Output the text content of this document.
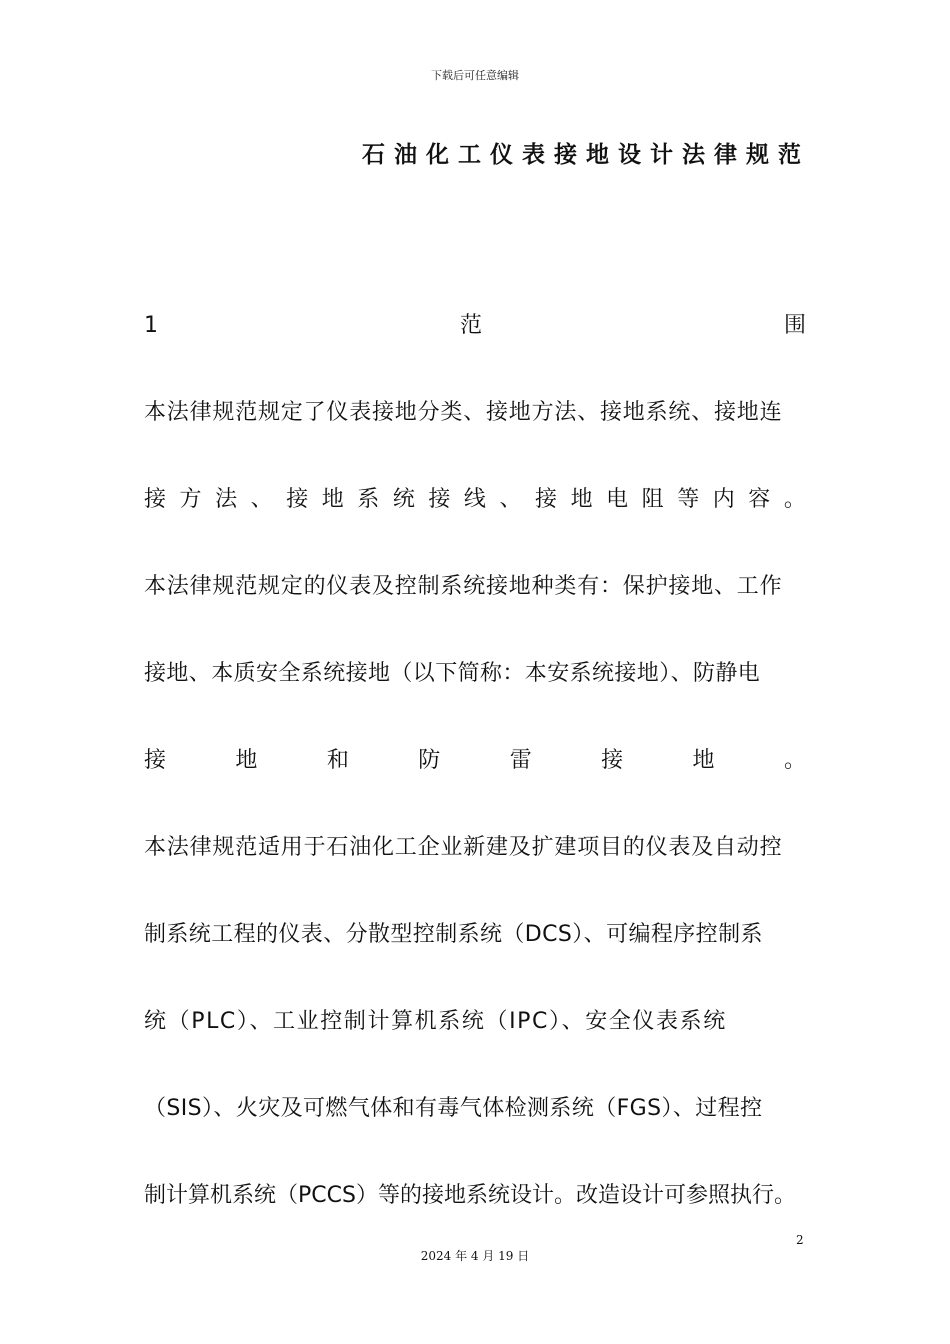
下载后可任意编辑
石油化工仪表接地设计法律规范
1	范	围
本法律规范规定了仪表接地分类、接地方法、接地系统、接地连
接 方 法 、 接 地 系 统 接 线 、 接 地 电 阻 等 内 容 。
本法律规范规定的仪表及控制系统接地种类有：保护接地、工作
接地、本质安全系统接地（以下简称：本安系统接地）、防静电
接	地	和	防	雷	接	地	。
本法律规范适用于石油化工企业新建及扩建项目的仪表及自动控
制系统工程的仪表、分散型控制系统（DCS）、可编程序控制系
统（PLC）、工业控制计算机系统（IPC）、安全仪表系统
（SIS）、火灾及可燃气体和有毒气体检测系统（FGS）、过程控
制计算机系统（PCCS）等的接地系统设计。改造设计可参照执行。
2
2024 年 4 月 19 日
